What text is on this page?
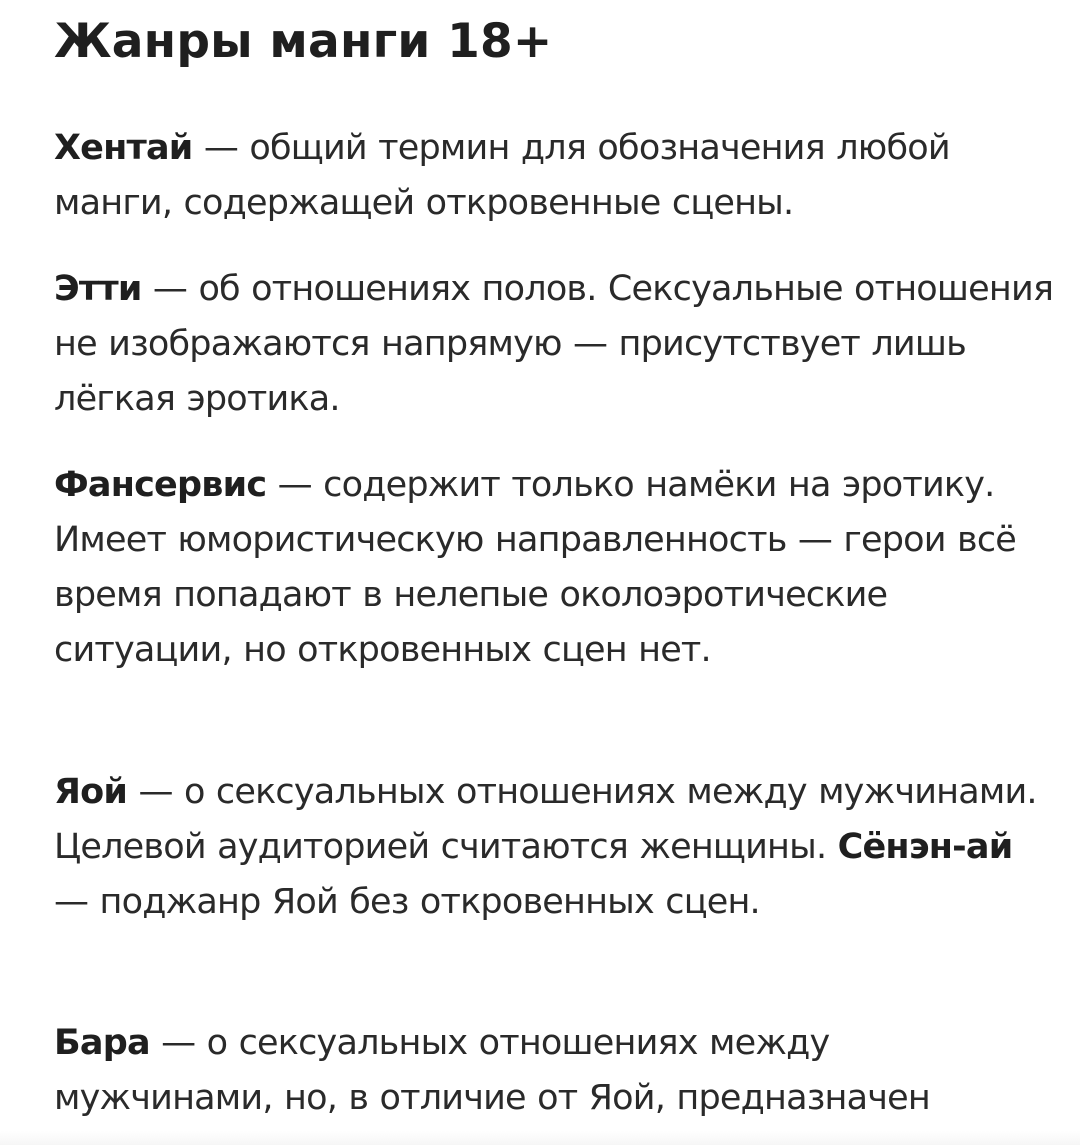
Жанры манги 18+

Хентай — общий термин для обозначения любой манги, содержащей откровенные сцены.

Этти — об отношениях полов. Сексуальные отношения не изображаются напрямую — присутствует лишь лёгкая эротика.

Фансервис — содержит только намёки на эротику. Имеет юмористическую направленность — герои всё время попадают в нелепые околоэротические ситуации, но откровенных сцен нет.

Яой — о сексуальных отношениях между мужчинами. Целевой аудиторией считаются женщины. Сёнэн-ай — поджанр Яой без откровенных сцен.

Бара — о сексуальных отношениях между мужчинами, но, в отличие от Яой, предназначен
